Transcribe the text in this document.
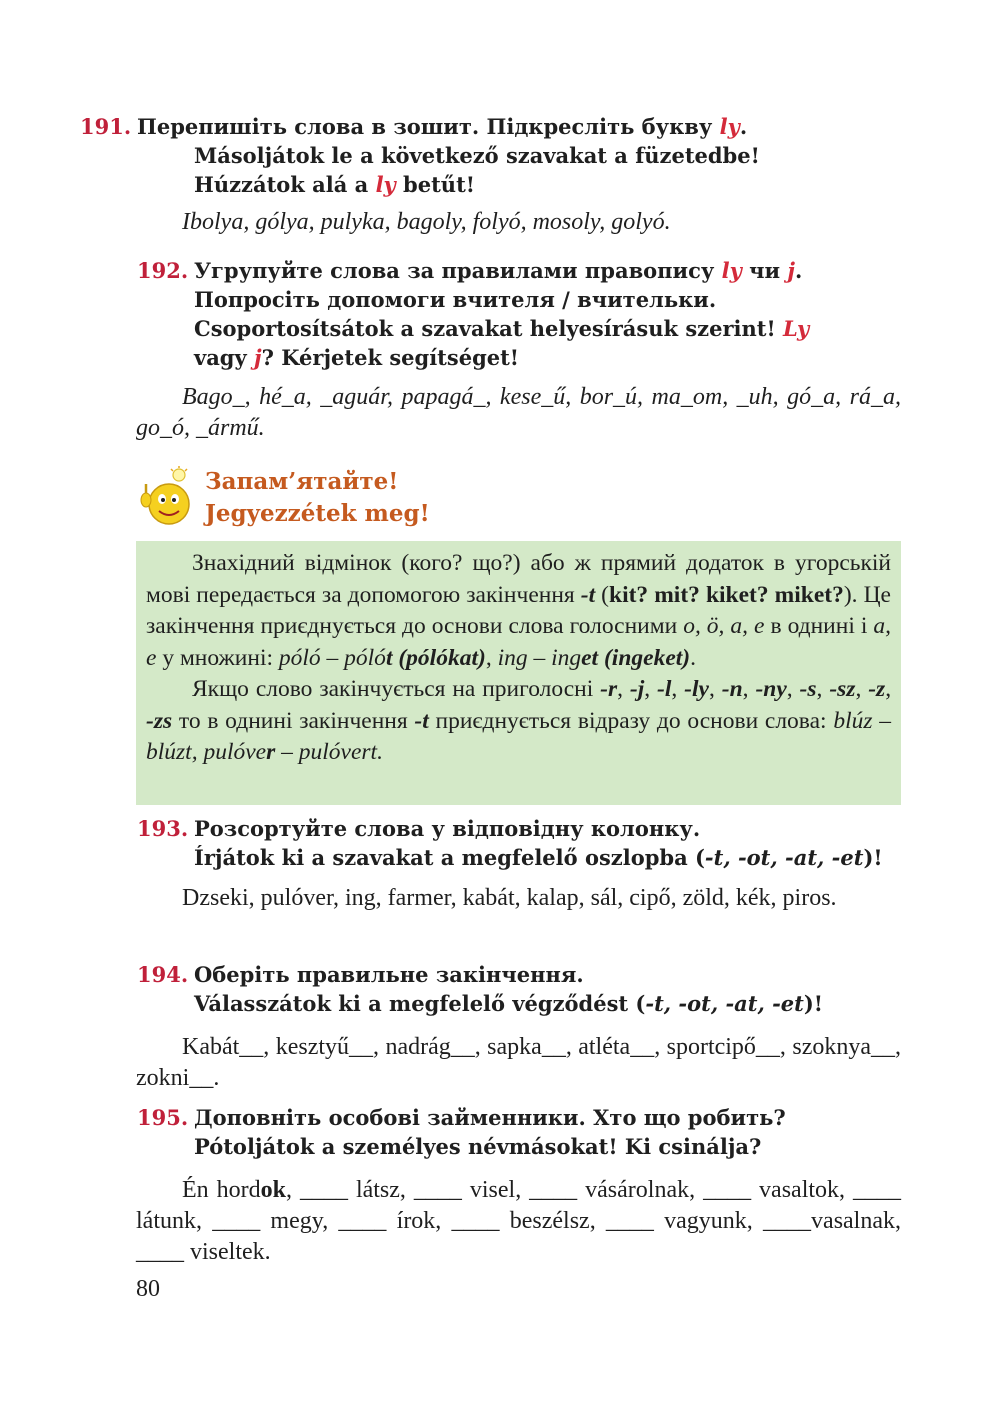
191. Перепишіть слова в зошит. Підкресліть букву ly.
Másoljátok le a következő szavakat a füzetedbe!
Húzzátok alá a ly betűt!
Ibolya, gólya, pulyka, bagoly, folyó, mosoly, golyó.
192. Угрупуйте слова за правилами правопису ly чи j.
Попросіть допомоги вчителя / вчительки.
Csoportosítsátok a szavakat helyesírásuk szerint! Ly
vagy j? Kérjetek segítséget!
Bago_, hé_a, _aguár, papagá_, kese_ű, bor_ú, ma_om, _uh, gó_a, rá_a, go_ó, _ármű.
Запам’ятайте!
Jegyezzétek meg!

Знахідний відмінок (кого? що?) або ж прямий додаток в угорській мові передається за допомогою закінчення -t (kit? mit? kiket? miket?). Це закінчення приєднується до основи слова голосними o, ö, a, e в однині і a, e у множині: póló – pólót (pólókat), ing – inget (ingeket).

Якщо слово закінчується на приголосні -r, -j, -l, -ly, -n, -ny, -s, -sz, -z, -zs то в однині закінчення -t приєднується відразу до основи слова: blúz – blúzt, pulóver – pulóvert.

193. Розсортуйте слова у відповідну колонку.
Írjátok ki a szavakat a megfelelő oszlopba (-t, -ot, -at, -et)!
Dzseki, pulóver, ing, farmer, kabát, kalap, sál, cipő, zöld, kék, piros.
194. Оберіть правильне закінчення.
Válasszátok ki a megfelelő végződést (-t, -ot, -at, -et)!
Kabát__, kesztyű__, nadrág__, sapka__, atléta__, sportcipő__, szoknya__, zokni__.
195. Доповніть особові займенники. Хто що робить?
Pótoljátok a személyes névmásokat! Ki csinálja?
Én hordok, ____ látsz, ____ visel, ____ vásárolnak, ____ vasaltok, ____ látunk, ____ megy, ____ írok, ____ beszélsz, ____ vagyunk, ____vasalnak, ____ viseltek.
80
